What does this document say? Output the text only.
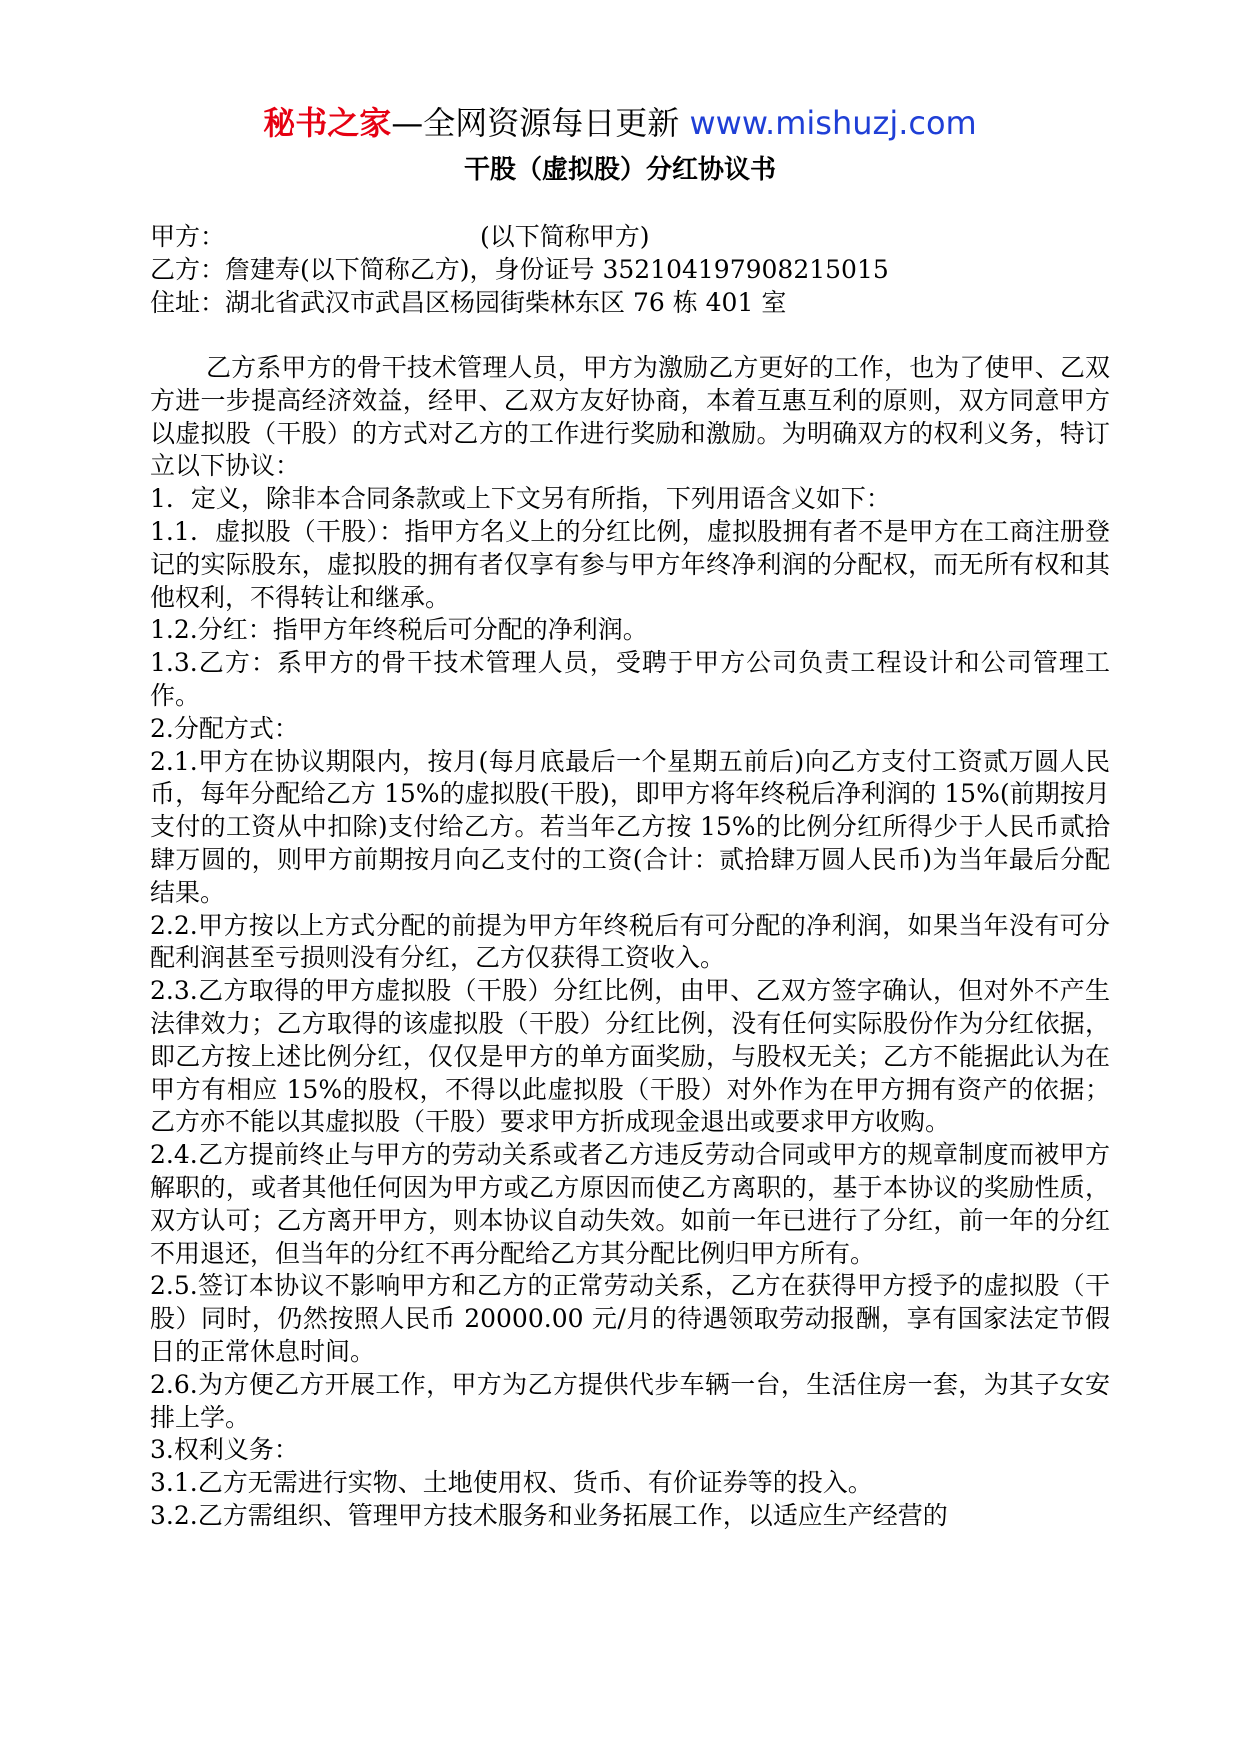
秘书之家—全网资源每日更新 www.mishuzj.com
干股（虚拟股）分红协议书
甲方：	(以下简称甲方)
乙方：詹建寿(以下简称乙方)，身份证号 352104197908215015
住址：湖北省武汉市武昌区杨园街柴林东区 76 栋 401 室

乙方系甲方的骨干技术管理人员，甲方为激励乙方更好的工作，也为了使甲、乙双方进一步提高经济效益，经甲、乙双方友好协商，本着互惠互利的原则，双方同意甲方以虚拟股（干股）的方式对乙方的工作进行奖励和激励。为明确双方的权利义务，特订立以下协议：

1．定义，除非本合同条款或上下文另有所指，下列用语含义如下：

1.1．虚拟股（干股）：指甲方名义上的分红比例，虚拟股拥有者不是甲方在工商注册登记的实际股东，虚拟股的拥有者仅享有参与甲方年终净利润的分配权，而无所有权和其他权利，不得转让和继承。

1.2.分红：指甲方年终税后可分配的净利润。

1.3.乙方：系甲方的骨干技术管理人员，受聘于甲方公司负责工程设计和公司管理工作。

2.分配方式：

2.1.甲方在协议期限内，按月(每月底最后一个星期五前后)向乙方支付工资贰万圆人民币，每年分配给乙方 15%的虚拟股(干股)，即甲方将年终税后净利润的 15%(前期按月支付的工资从中扣除)支付给乙方。若当年乙方按 15%的比例分红所得少于人民币贰拾肆万圆的，则甲方前期按月向乙支付的工资(合计：贰拾肆万圆人民币)为当年最后分配结果。

2.2.甲方按以上方式分配的前提为甲方年终税后有可分配的净利润，如果当年没有可分配利润甚至亏损则没有分红，乙方仅获得工资收入。

2.3.乙方取得的甲方虚拟股（干股）分红比例，由甲、乙双方签字确认，但对外不产生法律效力；乙方取得的该虚拟股（干股）分红比例，没有任何实际股份作为分红依据，即乙方按上述比例分红，仅仅是甲方的单方面奖励，与股权无关；乙方不能据此认为在甲方有相应 15%的股权，不得以此虚拟股（干股）对外作为在甲方拥有资产的依据；乙方亦不能以其虚拟股（干股）要求甲方折成现金退出或要求甲方收购。

2.4.乙方提前终止与甲方的劳动关系或者乙方违反劳动合同或甲方的规章制度而被甲方解职的，或者其他任何因为甲方或乙方原因而使乙方离职的，基于本协议的奖励性质，双方认可；乙方离开甲方，则本协议自动失效。如前一年已进行了分红，前一年的分红不用退还，但当年的分红不再分配给乙方其分配比例归甲方所有。

2.5.签订本协议不影响甲方和乙方的正常劳动关系，乙方在获得甲方授予的虚拟股（干股）同时，仍然按照人民币 20000.00 元/月的待遇领取劳动报酬，享有国家法定节假日的正常休息时间。

2.6.为方便乙方开展工作，甲方为乙方提供代步车辆一台，生活住房一套，为其子女安排上学。

3.权利义务：

3.1.乙方无需进行实物、土地使用权、货币、有价证券等的投入。

3.2.乙方需组织、管理甲方技术服务和业务拓展工作，以适应生产经营的
